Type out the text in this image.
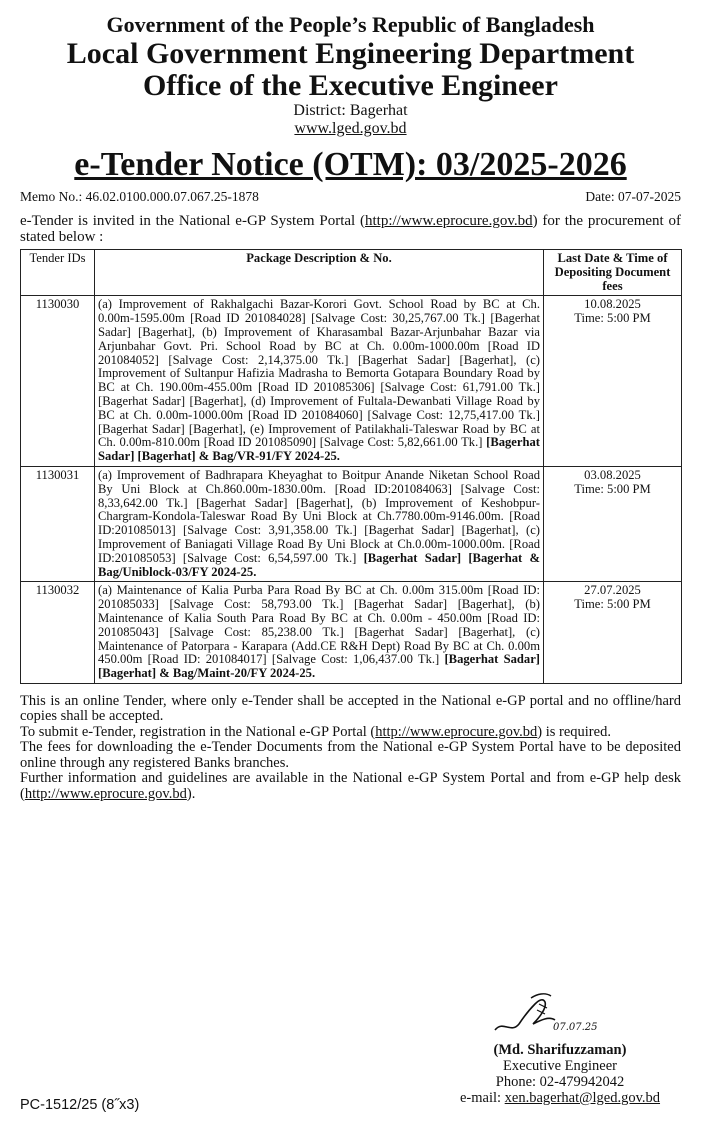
Government of the People’s Republic of Bangladesh

Local Government Engineering Department

Office of the Executive Engineer

District: Bagerhat
www.lged.gov.bd
e-Tender Notice (OTM): 03/2025-2026
Memo No.: 46.02.0100.000.07.067.25-1878	Date: 07-07-2025

e-Tender is invited in the National e-GP System Portal (http://www.eprocure.gov.bd) for the procurement of stated below :

Tender IDs	Package Description & No.	Last Date & Time of Depositing Document fees
1130030	(a) Improvement of Rakhalgachi Bazar-Korori Govt. School Road by BC at Ch. 0.00m-1595.00m [Road ID 201084028] [Salvage Cost: 30,25,767.00 Tk.] [Bagerhat Sadar] [Bagerhat], (b) Improvement of Kharasambal Bazar-Arjunbahar Bazar via Arjunbahar Govt. Pri. School Road by BC at Ch. 0.00m-1000.00m [Road ID 201084052] [Salvage Cost: 2,14,375.00 Tk.] [Bagerhat Sadar] [Bagerhat], (c) Improvement of Sultanpur Hafizia Madrasha to Bemorta Gotapara Boundary Road by BC at Ch. 190.00m-455.00m [Road ID 201085306] [Salvage Cost: 61,791.00 Tk.] [Bagerhat Sadar] [Bagerhat], (d) Improvement of Fultala-Dewanbati Village Road by BC at Ch. 0.00m-1000.00m [Road ID 201084060] [Salvage Cost: 12,75,417.00 Tk.] [Bagerhat Sadar] [Bagerhat], (e) Improvement of Patilakhali-Taleswar Road by BC at Ch. 0.00m-810.00m [Road ID 201085090] [Salvage Cost: 5,82,661.00 Tk.] [Bagerhat Sadar] [Bagerhat] & Bag/VR-91/FY 2024-25.	10.08.2025
Time: 5:00 PM

1130031	(a) Improvement of Badhrapara Kheyaghat to Boitpur Anande Niketan School Road By Uni Block at Ch.860.00m-1830.00m. [Road ID:201084063] [Salvage Cost: 8,33,642.00 Tk.] [Bagerhat Sadar] [Bagerhat], (b) Improvement of Keshobpur-Chargram-Kondola-Taleswar Road By Uni Block at Ch.7780.00m-9146.00m. [Road ID:201085013] [Salvage Cost: 3,91,358.00 Tk.] [Bagerhat Sadar] [Bagerhat], (c) Improvement of Baniagati Village Road By Uni Block at Ch.0.00m-1000.00m. [Road ID:201085053] [Salvage Cost: 6,54,597.00 Tk.] [Bagerhat Sadar] [Bagerhat & Bag/Uniblock-03/FY 2024-25.	03.08.2025
Time: 5:00 PM

1130032	(a) Maintenance of Kalia Purba Para Road By BC at Ch. 0.00m 315.00m [Road ID: 201085033] [Salvage Cost: 58,793.00 Tk.] [Bagerhat Sadar] [Bagerhat], (b) Maintenance of Kalia South Para Road By BC at Ch. 0.00m - 450.00m [Road ID: 201085043] [Salvage Cost: 85,238.00 Tk.] [Bagerhat Sadar] [Bagerhat], (c) Maintenance of Patorpara - Karapara (Add.CE R&H Dept) Road By BC at Ch. 0.00m 450.00m [Road ID: 201084017] [Salvage Cost: 1,06,437.00 Tk.] [Bagerhat Sadar] [Bagerhat] & Bag/Maint-20/FY 2024-25.	27.07.2025
Time: 5:00 PM

This is an online Tender, where only e-Tender shall be accepted in the National e-GP portal and no offline/hard copies shall be accepted.

To submit e-Tender, registration in the National e-GP Portal (http://www.eprocure.gov.bd) is required.

The fees for downloading the e-Tender Documents from the National e-GP System Portal have to be deposited online through any registered Banks branches.

Further information and guidelines are available in the National e-GP System Portal and from e-GP help desk (http://www.eprocure.gov.bd).

07.07.25
(Md. Sharifuzzaman)
Executive Engineer
Phone: 02-479942042
e-mail: xen.bagerhat@lged.gov.bd
PC-1512/25 (8˝x3)
